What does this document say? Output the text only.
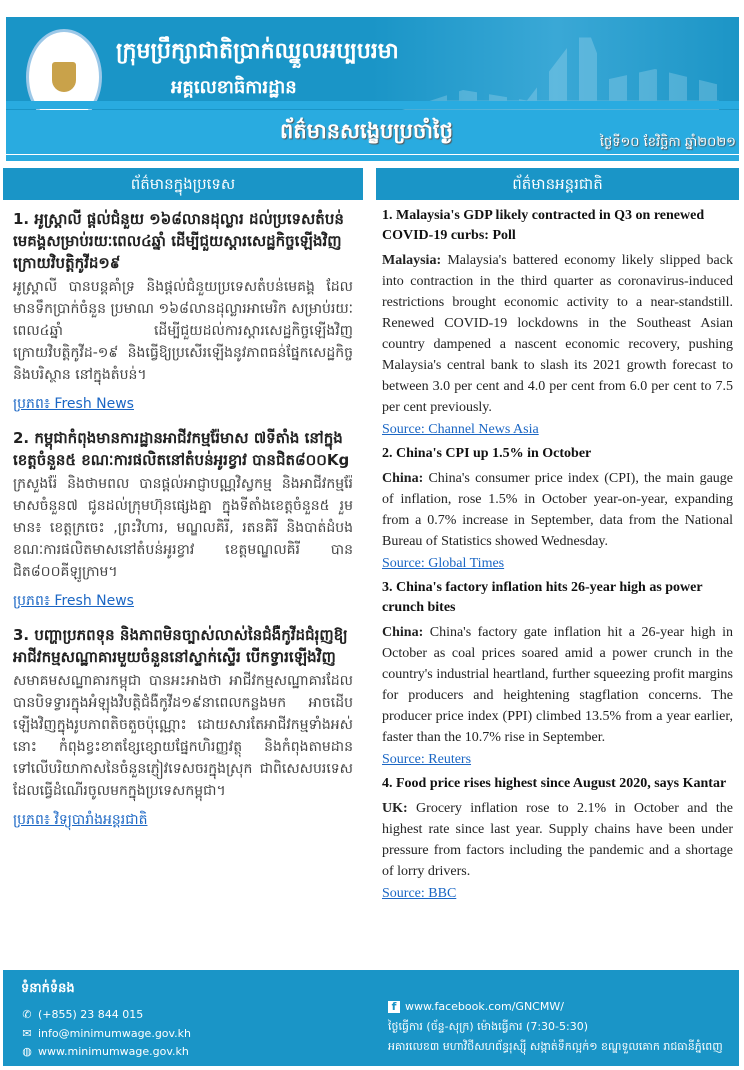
ក្រុមប្រឹក្សាជាតិប្រាក់ឈ្នួលអប្បបរមា
អគ្គលេខាធិការដ្ឋាន
ព័ត៌មានសង្ខេបប្រចាំថ្ងៃ	ថ្ងៃទី១០ ខែវិច្ឆិកា ឆ្នាំ២០២១
ព័ត៌មានក្នុងប្រទេស	ព័ត៌មានអន្តរជាតិ
1. អូស្ត្រាលី ផ្តល់ជំនួយ ១៦៨លានដុល្លារ ដល់ប្រទេសតំបន់មេគង្គសម្រាប់រយៈពេល៤ឆ្នាំ ដើម្បីជួយស្តារសេដ្ឋកិច្ចឡើងវិញក្រោយវិបត្តិកូវីដ១៩
អូស្ត្រាលី បានបន្តគាំទ្រ និងផ្តល់ជំនួយប្រទេសតំបន់មេគង្គ ដែលមានទឹកប្រាក់ចំនួន ប្រមាណ ១៦៨លានដុល្លារអាមេរិក សម្រាប់រយៈពេល៤ឆ្នាំ ដើម្បីជួយដល់ការស្តារសេដ្ឋកិច្ចឡើងវិញក្រោយវិបត្តិកូវីដ-១៩ និងធ្វើឱ្យប្រសើរឡើងនូវភាពធន់ផ្នែកសេដ្ឋកិច្ច និងបរិស្ថាន នៅក្នុងតំបន់។
ប្រភព៖ Fresh News
2. កម្ពុជាកំពុងមានការដ្ឋានអាជីវកម្មរ៉ែមាស ៧ទីតាំង នៅក្នុងខេត្តចំនួន៥ ខណៈការផលិតនៅតំបន់អូរខ្វាវ បានជិត៨០០Kg
ក្រសួងរ៉ែ និងថាមពល បានផ្តល់អាជ្ញាបណ្ណវិស្វកម្ម និងអាជីវកម្មរ៉ែមាសចំនួន៧ ជូនដល់ក្រុមហ៊ុនផ្សេងគ្នា ក្នុងទីតាំងខេត្តចំនួន៥ រួមមាន៖ ខេត្តក្រចេះ ,ព្រះវិហារ, មណ្ឌលគិរី, រតនគិរី និងបាត់ដំបង ខណៈការផលិតមាសនៅតំបន់អូរខ្វាវ ខេត្តមណ្ឌលគិរី បានជិត៨០០គីឡូក្រាម។
ប្រភព៖ Fresh News
3. បញ្ហាប្រភពទុន និងភាពមិនច្បាស់លាស់នៃជំងឺកូវីដជំរុញឱ្យអាជីវកម្មសណ្ឋាគារមួយចំនួននៅស្ទាក់ស្ទើរ បើកទ្វារឡើងវិញ
សមាគមសណ្ឋាគារកម្ពុជា បានអះអាងថា អាជីវកម្មសណ្ឋាគារដែលបានបិទទ្វារក្នុងអំឡុងវិបត្តិជំងឺកូវីដ១៩នាពេលកន្លងមក អាចដើបឡើងវិញក្នុងរូបភាពតិចតួចប៉ុណ្ណោះ ដោយសារតែអាជីវកម្មទាំងអស់នោះ កំពុងខ្វះខាតខ្សែខ្សោយផ្នែកហិរញ្ញវត្ថុ និងកំពុងតាមដានទៅលើបរិយាកាសនៃចំនួនភ្ញៀវទេសចរក្នុងស្រុក ជាពិសេសបរទេសដែលធ្វើដំណើរចូលមកក្នុងប្រទេសកម្ពុជា។
ប្រភព៖ វិទ្យុបារាំងអន្តរជាតិ
1. Malaysia's GDP likely contracted in Q3 on renewed COVID-19 curbs: Poll
Malaysia: Malaysia's battered economy likely slipped back into contraction in the third quarter as coronavirus-induced restrictions brought economic activity to a near-standstill. Renewed COVID-19 lockdowns in the Southeast Asian country dampened a nascent economic recovery, pushing Malaysia's central bank to slash its 2021 growth forecast to between 3.0 per cent and 4.0 per cent from 6.0 per cent to 7.5 per cent previously.
Source: Channel News Asia
2. China's CPI up 1.5% in October
China: China's consumer price index (CPI), the main gauge of inflation, rose 1.5% in October year-on-year, expanding from a 0.7% increase in September, data from the National Bureau of Statistics showed Wednesday.
Source: Global Times
3. China's factory inflation hits 26-year high as power crunch bites
China: China's factory gate inflation hit a 26-year high in October as coal prices soared amid a power crunch in the country's industrial heartland, further squeezing profit margins for producers and heightening stagflation concerns. The producer price index (PPI) climbed 13.5% from a year earlier, faster than the 10.7% rise in September.
Source: Reuters
4. Food price rises highest since August 2020, says Kantar
UK: Grocery inflation rose to 2.1% in October and the highest rate since last year. Supply chains have been under pressure from factors including the pandemic and a shortage of lorry drivers.
Source: BBC
ទំនាក់ទំនង
✆ (+855) 23 844 015
✉ info@minimumwage.gov.kh
◍ www.minimumwage.gov.kh
f www.facebook.com/GNCMW/
ថ្ងៃធ្វើការ (ច័ន្ទ-សុក្រ) ម៉ោងធ្វើការ (7:30-5:30)
អគារលេខ៣ មហាវិថីសហព័ន្ធរុស្ស៊ី សង្កាត់ទឹកល្អក់១ ខណ្ឌទួលគោក រាជធានីភ្នំពេញ
